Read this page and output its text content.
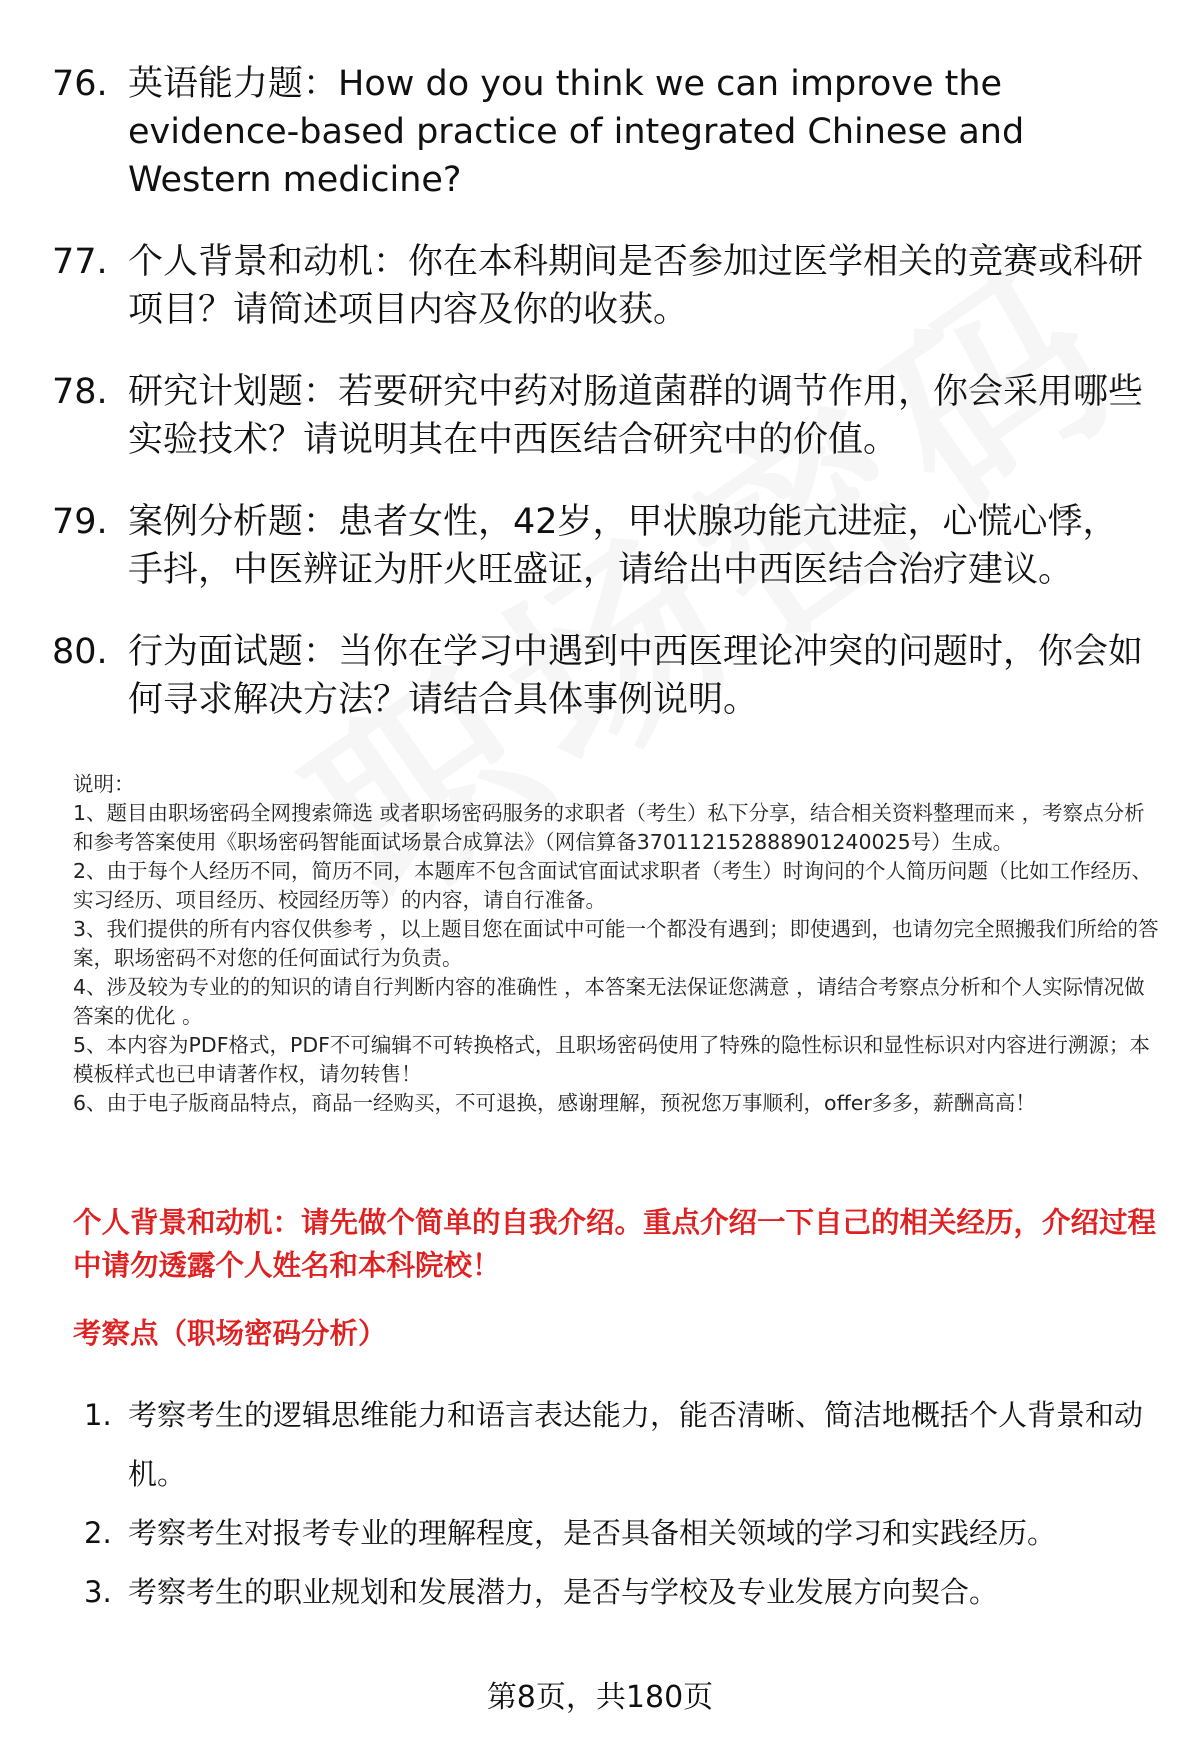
76. 英语能力题：How do you think we can improve the evidence-based practice of integrated Chinese and Western medicine?
77. 个人背景和动机：你在本科期间是否参加过医学相关的竞赛或科研项目？请简述项目内容及你的收获。
78. 研究计划题：若要研究中药对肠道菌群的调节作用，你会采用哪些实验技术？请说明其在中西医结合研究中的价值。
79. 案例分析题：患者女性，42岁，甲状腺功能亢进症，心慌心悸，手抖，中医辨证为肝火旺盛证，请给出中西医结合治疗建议。
80. 行为面试题：当你在学习中遇到中西医理论冲突的问题时，你会如何寻求解决方法？请结合具体事例说明。

说明：

1、题目由职场密码全网搜索筛选 或者职场密码服务的求职者（考生）私下分享，结合相关资料整理而来 ，考察点分析和参考答案使用《职场密码智能面试场景合成算法》（网信算备370112152888901240025号）生成。

2、由于每个人经历不同，简历不同，本题库不包含面试官面试求职者（考生）时询问的个人简历问题（比如工作经历、实习经历、项目经历、校园经历等）的内容，请自行准备。

3、我们提供的所有内容仅供参考 ，以上题目您在面试中可能一个都没有遇到；即使遇到，也请勿完全照搬我们所给的答案，职场密码不对您的任何面试行为负责。

4、涉及较为专业的的知识的请自行判断内容的准确性 ，本答案无法保证您满意 ，请结合考察点分析和个人实际情况做答案的优化 。

5、本内容为PDF格式，PDF不可编辑不可转换格式，且职场密码使用了特殊的隐性标识和显性标识对内容进行溯源；本模板样式也已申请著作权，请勿转售！

6、由于电子版商品特点，商品一经购买，不可退换，感谢理解，预祝您万事顺利，offer多多，薪酬高高！

个人背景和动机：请先做个简单的自我介绍。重点介绍一下自己的相关经历，介绍过程中请勿透露个人姓名和本科院校！
考察点（职场密码分析）
1. 考察考生的逻辑思维能力和语言表达能力，能否清晰、简洁地概括个人背景和动机。
2. 考察考生对报考专业的理解程度，是否具备相关领域的学习和实践经历。
3. 考察考生的职业规划和发展潜力，是否与学校及专业发展方向契合。
第8页，共180页
